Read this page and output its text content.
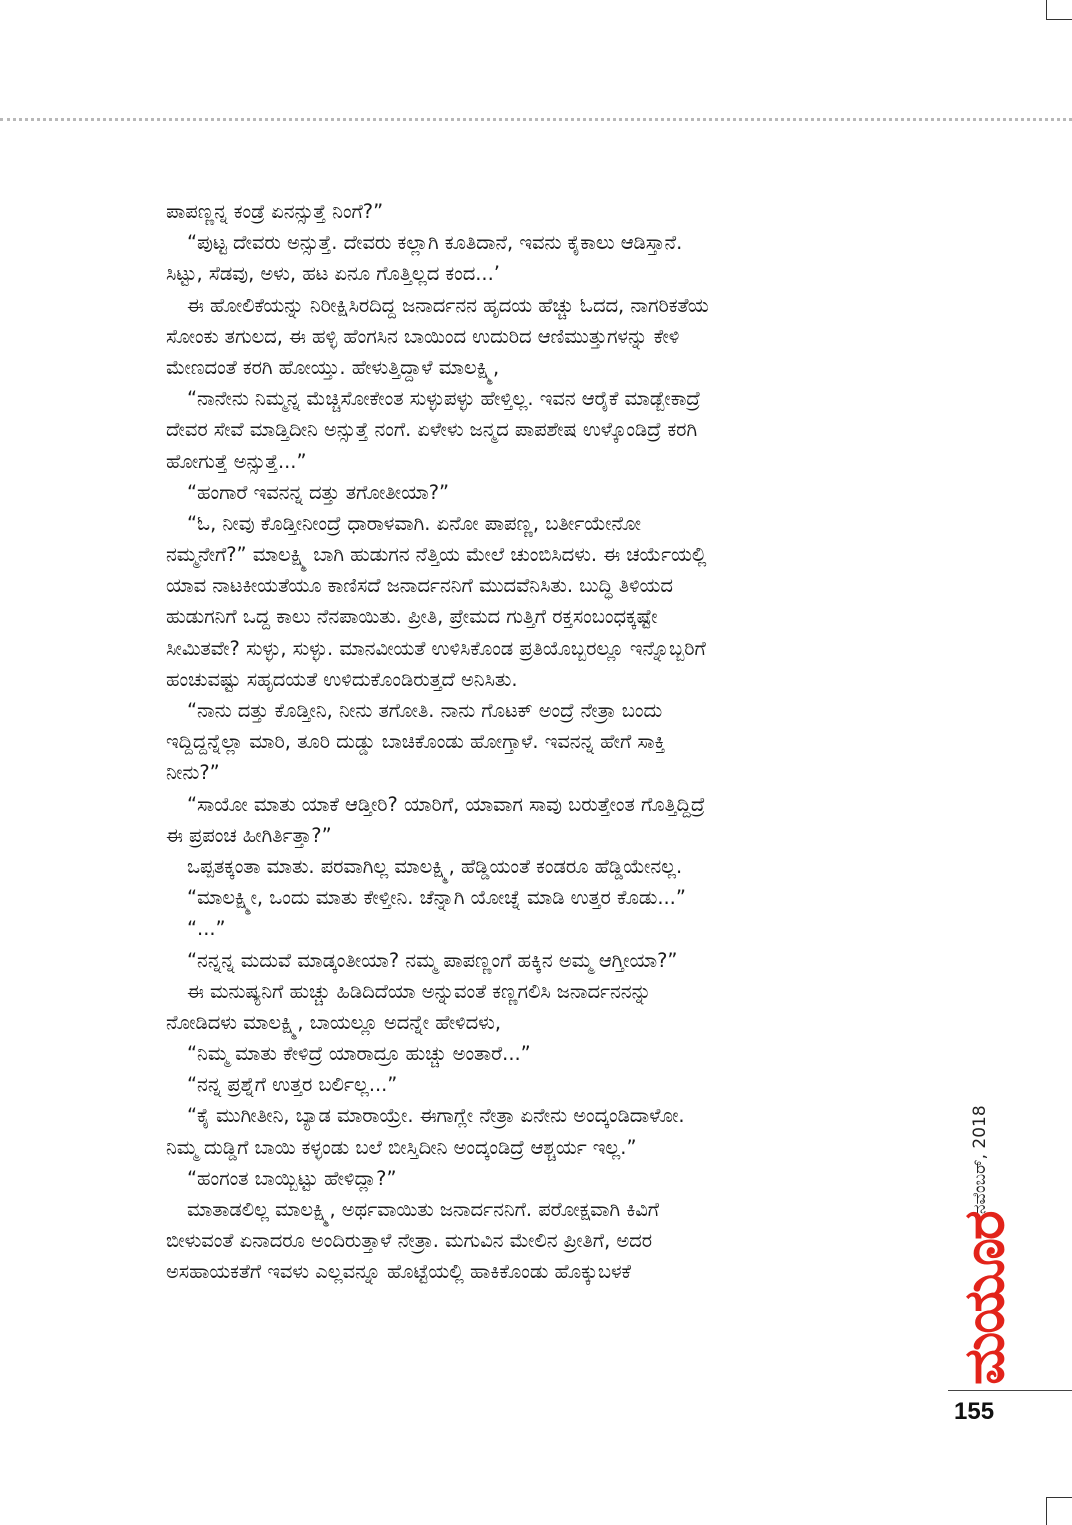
ಪಾಪಣ್ಣನ್ನ ಕಂಡ್ರೆ ಏನನ್ಸುತ್ತೆ ನಿಂಗೆ?”
“ಪುಟ್ಟ ದೇವರು ಅನ್ಸುತ್ತೆ. ದೇವರು ಕಲ್ಲಾಗಿ ಕೂತಿದಾನೆ, ಇವನು ಕೈಕಾಲು ಆಡಿಸ್ತಾನೆ.
ಸಿಟ್ಟು, ಸೆಡವು, ಅಳು, ಹಟ ಏನೂ ಗೊತ್ತಿಲ್ಲದ ಕಂದ...’
ಈ ಹೋಲಿಕೆಯನ್ನು ನಿರೀಕ್ಷಿಸಿರದಿದ್ದ ಜನಾರ್ದನನ ಹೃದಯ ಹೆಚ್ಚು ಓದದ, ನಾಗರಿಕತೆಯ
ಸೋಂಕು ತಗುಲದ, ಈ ಹಳ್ಳಿ ಹೆಂಗಸಿನ ಬಾಯಿಂದ ಉದುರಿದ ಆಣಿಮುತ್ತುಗಳನ್ನು ಕೇಳಿ
ಮೇಣದಂತೆ ಕರಗಿ ಹೋಯ್ತು. ಹೇಳುತ್ತಿದ್ದಾಳೆ ಮಾಲಕ್ಷ್ಮಿ,
“ನಾನೇನು ನಿಮ್ಮನ್ನ ಮೆಚ್ಚಿಸೋಕೇಂತ ಸುಳ್ಳುಪಳ್ಳು ಹೇಳ್ತಿಲ್ಲ. ಇವನ ಆರೈಕೆ ಮಾಡ್ಬೇಕಾದ್ರೆ
ದೇವರ ಸೇವೆ ಮಾಡ್ತಿದೀನಿ ಅನ್ಸುತ್ತೆ ನಂಗೆ. ಏಳೇಳು ಜನ್ಮದ ಪಾಪಶೇಷ ಉಳ್ಕೊಂಡಿದ್ರೆ ಕರಗಿ
ಹೋಗುತ್ತೆ ಅನ್ಸುತ್ತೆ...”
“ಹಂಗಾರೆ ಇವನನ್ನ ದತ್ತು ತಗೋತೀಯಾ?”
“ಓ, ನೀವು ಕೊಡ್ತೀನೀಂದ್ರೆ ಧಾರಾಳವಾಗಿ. ಏನೋ ಪಾಪಣ್ಣ, ಬರ್ತೀಯೇನೋ
ನಮ್ಮನೇಗೆ?” ಮಾಲಕ್ಷ್ಮಿ ಬಾಗಿ ಹುಡುಗನ ನೆತ್ತಿಯ ಮೇಲೆ ಚುಂಬಿಸಿದಳು. ಈ ಚರ್ಯೆಯಲ್ಲಿ
ಯಾವ ನಾಟಕೀಯತೆಯೂ ಕಾಣಿಸದೆ ಜನಾರ್ದನನಿಗೆ ಮುದವೆನಿಸಿತು. ಬುದ್ಧಿ ತಿಳಿಯದ
ಹುಡುಗನಿಗೆ ಒದ್ದ ಕಾಲು ನೆನಪಾಯಿತು. ಪ್ರೀತಿ, ಪ್ರೇಮದ ಗುತ್ತಿಗೆ ರಕ್ತಸಂಬಂಧಕ್ಕಷ್ಟೇ
ಸೀಮಿತವೇ? ಸುಳ್ಳು, ಸುಳ್ಳು. ಮಾನವೀಯತೆ ಉಳಿಸಿಕೊಂಡ ಪ್ರತಿಯೊಬ್ಬರಲ್ಲೂ ಇನ್ನೊಬ್ಬರಿಗೆ
ಹಂಚುವಷ್ಟು ಸಹೃದಯತೆ ಉಳಿದುಕೊಂಡಿರುತ್ತದೆ ಅನಿಸಿತು.
“ನಾನು ದತ್ತು ಕೊಡ್ತೀನಿ, ನೀನು ತಗೋತಿ. ನಾನು ಗೊಟಕ್ ಅಂದ್ರೆ ನೇತ್ರಾ ಬಂದು
ಇದ್ದಿದ್ದನ್ನೆಲ್ಲಾ ಮಾರಿ, ತೂರಿ ದುಡ್ಡು ಬಾಚಿಕೊಂಡು ಹೋಗ್ತಾಳೆ. ಇವನನ್ನ ಹೇಗೆ ಸಾಕ್ತಿ
ನೀನು?”
“ಸಾಯೋ ಮಾತು ಯಾಕೆ ಆಡ್ತೀರಿ? ಯಾರಿಗೆ, ಯಾವಾಗ ಸಾವು ಬರುತ್ತೇಂತ ಗೊತ್ತಿದ್ದಿದ್ರೆ
ಈ ಪ್ರಪಂಚ ಹೀಗಿರ್ತಿತ್ತಾ?”
ಒಪ್ಪತಕ್ಕಂತಾ ಮಾತು. ಪರವಾಗಿಲ್ಲ ಮಾಲಕ್ಷ್ಮಿ, ಹೆಡ್ಡಿಯಂತೆ ಕಂಡರೂ ಹೆಡ್ಡಿಯೇನಲ್ಲ.
“ಮಾಲಕ್ಷ್ಮೀ, ಒಂದು ಮಾತು ಕೇಳ್ತೀನಿ. ಚೆನ್ನಾಗಿ ಯೋಚ್ನೆ ಮಾಡಿ ಉತ್ತರ ಕೊಡು...”
“...”
“ನನ್ನನ್ನ ಮದುವೆ ಮಾಡ್ಕಂತೀಯಾ? ನಮ್ಮ ಪಾಪಣ್ಣಂಗೆ ಹಕ್ಕಿನ ಅಮ್ಮ ಆಗ್ತೀಯಾ?”
ಈ ಮನುಷ್ಯನಿಗೆ ಹುಚ್ಚು ಹಿಡಿದಿದೆಯಾ ಅನ್ನುವಂತೆ ಕಣ್ಣಗಲಿಸಿ ಜನಾರ್ದನನನ್ನು
ನೋಡಿದಳು ಮಾಲಕ್ಷ್ಮಿ, ಬಾಯಲ್ಲೂ ಅದನ್ನೇ ಹೇಳಿದಳು,
“ನಿಮ್ಮ ಮಾತು ಕೇಳಿದ್ರೆ ಯಾರಾದ್ರೂ ಹುಚ್ಚು ಅಂತಾರೆ...”
“ನನ್ನ ಪ್ರಶ್ನೆಗೆ ಉತ್ತರ ಬರ್ಲಿಲ್ಲ...”
“ಕೈ ಮುಗೀತೀನಿ, ಬ್ಯಾಡ ಮಾರಾಯ್ರೇ. ಈಗಾಗ್ಲೇ ನೇತ್ರಾ ಏನೇನು ಅಂದ್ಕಂಡಿದಾಳೋ.
ನಿಮ್ಮ ದುಡ್ಡಿಗೆ ಬಾಯಿ ಕಳ್ಳಂಡು ಬಲೆ ಬೀಸ್ತಿದೀನಿ ಅಂದ್ಕಂಡಿದ್ರೆ ಆಶ್ಚರ್ಯ ಇಲ್ಲ.”
“ಹಂಗಂತ ಬಾಯ್ಬಿಟ್ಟು ಹೇಳಿದ್ಲಾ?”
ಮಾತಾಡಲಿಲ್ಲ ಮಾಲಕ್ಷ್ಮಿ, ಅರ್ಥವಾಯಿತು ಜನಾರ್ದನನಿಗೆ. ಪರೋಕ್ಷವಾಗಿ ಕಿವಿಗೆ
ಬೀಳುವಂತೆ ಏನಾದರೂ ಅಂದಿರುತ್ತಾಳೆ ನೇತ್ರಾ. ಮಗುವಿನ ಮೇಲಿನ ಪ್ರೀತಿಗೆ, ಅದರ
ಅಸಹಾಯಕತೆಗೆ ಇವಳು ಎಲ್ಲವನ್ನೂ ಹೊಟ್ಟೆಯಲ್ಲಿ ಹಾಕಿಕೊಂಡು ಹೊಕ್ಕುಬಳಕೆ
ನವೆಂಬರ್, 2018
ಮಯೂರ
155
